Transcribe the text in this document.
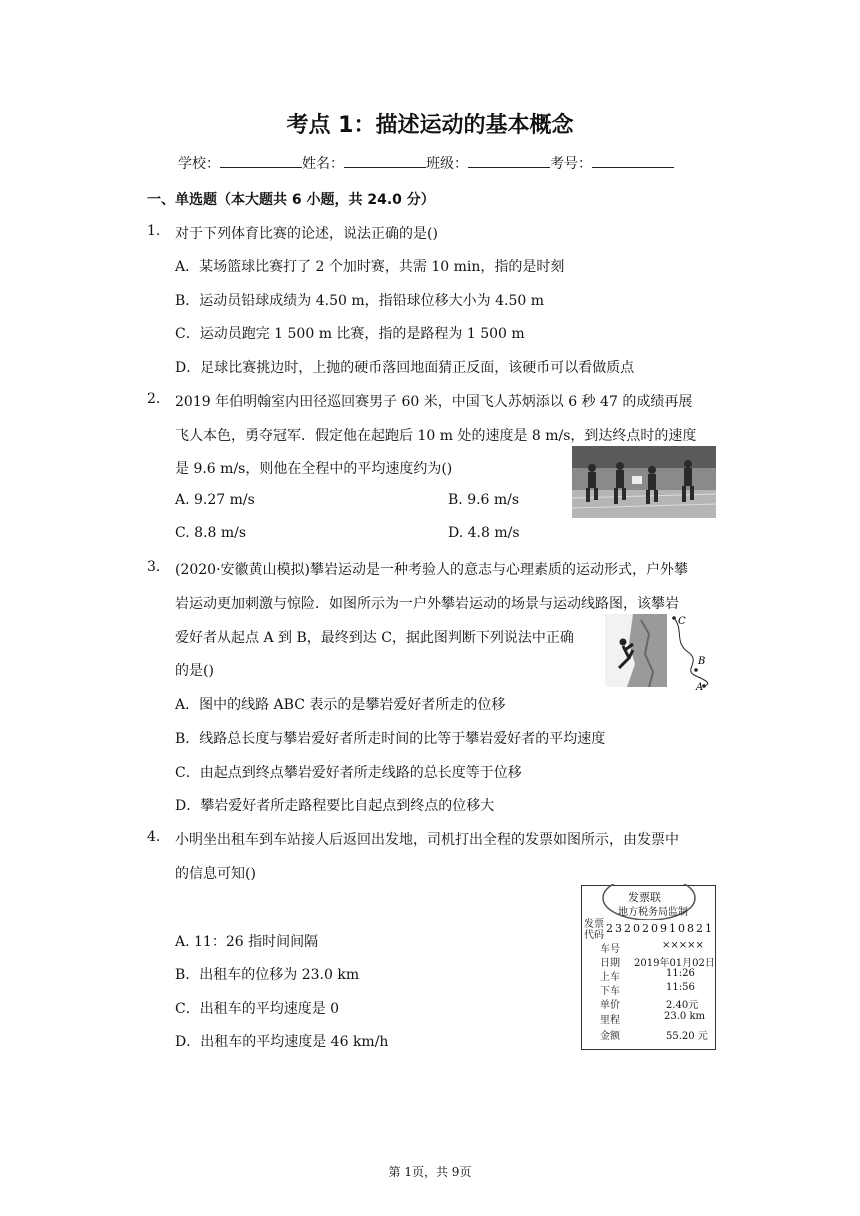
考点 1：描述运动的基本概念
学校：	姓名：	班级：	考号：
一、单选题（本大题共 6 小题，共 24.0 分）
1. 对于下列体育比赛的论述，说法正确的是()
A．某场篮球比赛打了 2 个加时赛，共需 10 min，指的是时刻
B．运动员铅球成绩为 4.50 m，指铅球位移大小为 4.50 m
C．运动员跑完 1 500 m 比赛，指的是路程为 1 500 m
D．足球比赛挑边时，上抛的硬币落回地面猜正反面，该硬币可以看做质点
2. 2019 年伯明翰室内田径巡回赛男子 60 米，中国飞人苏炳添以 6 秒 47 的成绩再展
飞人本色，勇夺冠军．假定他在起跑后 10 m 处的速度是 8 m/s，到达终点时的速度
是 9.6 m/s，则他在全程中的平均速度约为()
A. 9.27 m/s	B. 9.6 m/s
C. 8.8 m/s	D. 4.8 m/s
3. (2020·安徽黄山模拟)攀岩运动是一种考验人的意志与心理素质的运动形式，户外攀
岩运动更加刺激与惊险．如图所示为一户外攀岩运动的场景与运动线路图，该攀岩
爱好者从起点 A 到 B，最终到达 C，据此图判断下列说法中正确
的是()
A．图中的线路 ABC 表示的是攀岩爱好者所走的位移
B．线路总长度与攀岩爱好者所走时间的比等于攀岩爱好者的平均速度
C．由起点到终点攀岩爱好者所走线路的总长度等于位移
D．攀岩爱好者所走路程要比自起点到终点的位移大
C
B
A
4. 小明坐出租车到车站接人后返回出发地，司机打出全程的发票如图所示，由发票中
的信息可知()
A. 11：26 指时间间隔
B．出租车的位移为 23.0 km
C．出租车的平均速度是 0
D．出租车的平均速度是 46 km/h
发票联
地方税务局监制
发票
代码
232020910821
车号	×××××
日期 2019年01月02日
上车	11:26
下车	11:56
单价	2.40元
里程	23.0 km
金额	55.20 元
第 1页，共 9页
